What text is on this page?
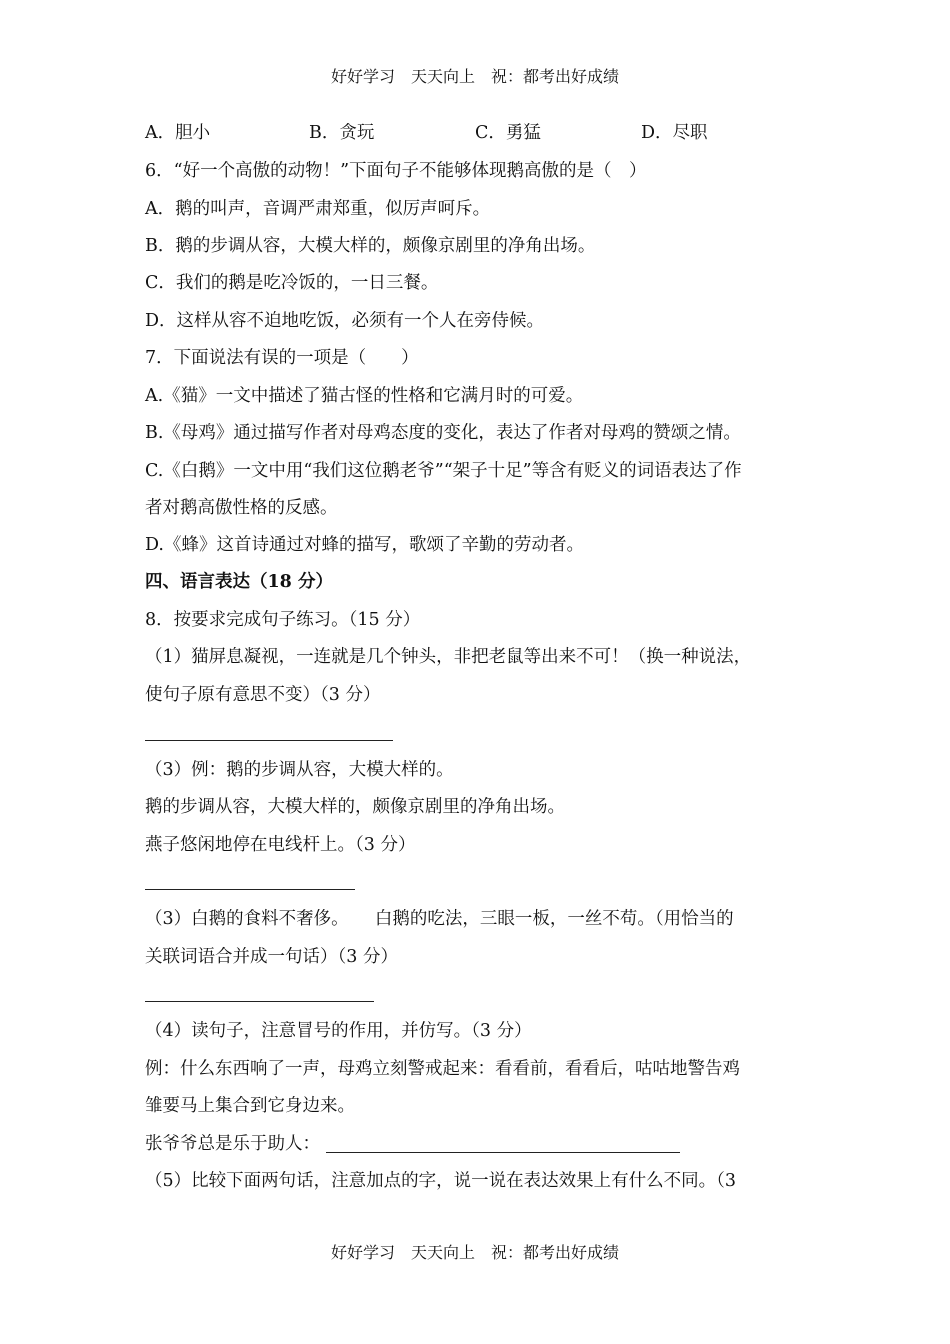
好好学习　天天向上　祝：都考出好成绩
A．胆小	B．贪玩	C．勇猛	D．尽职
6．“好一个高傲的动物！”下面句子不能够体现鹅高傲的是（　）
A．鹅的叫声，音调严肃郑重，似厉声呵斥。
B．鹅的步调从容，大模大样的，颇像京剧里的净角出场。
C．我们的鹅是吃冷饭的，一日三餐。
D．这样从容不迫地吃饭，必须有一个人在旁侍候。
7．下面说法有误的一项是（　　）
A.《猫》一文中描述了猫古怪的性格和它满月时的可爱。
B.《母鸡》通过描写作者对母鸡态度的变化，表达了作者对母鸡的赞颂之情。
C.《白鹅》一文中用“我们这位鹅老爷”“架子十足”等含有贬义的词语表达了作
者对鹅高傲性格的反感。
D.《蜂》这首诗通过对蜂的描写，歌颂了辛勤的劳动者。
四、语言表达（18 分）
8．按要求完成句子练习。（15 分）
（1）猫屏息凝视，一连就是几个钟头，非把老鼠等出来不可！（换一种说法，
使句子原有意思不变）（3 分）
（3）例：鹅的步调从容，大模大样的。
鹅的步调从容，大模大样的，颇像京剧里的净角出场。
燕子悠闲地停在电线杆上。（3 分）
（3）白鹅的食料不奢侈。　　白鹅的吃法，三眼一板，一丝不苟。（用恰当的
关联词语合并成一句话）（3 分）
（4）读句子，注意冒号的作用，并仿写。（3 分）
例：什么东西响了一声，母鸡立刻警戒起来：看看前，看看后，咕咕地警告鸡
雏要马上集合到它身边来。
张爷爷总是乐于助人：
（5）比较下面两句话，注意加点的字，说一说在表达效果上有什么不同。（3
好好学习　天天向上　祝：都考出好成绩
